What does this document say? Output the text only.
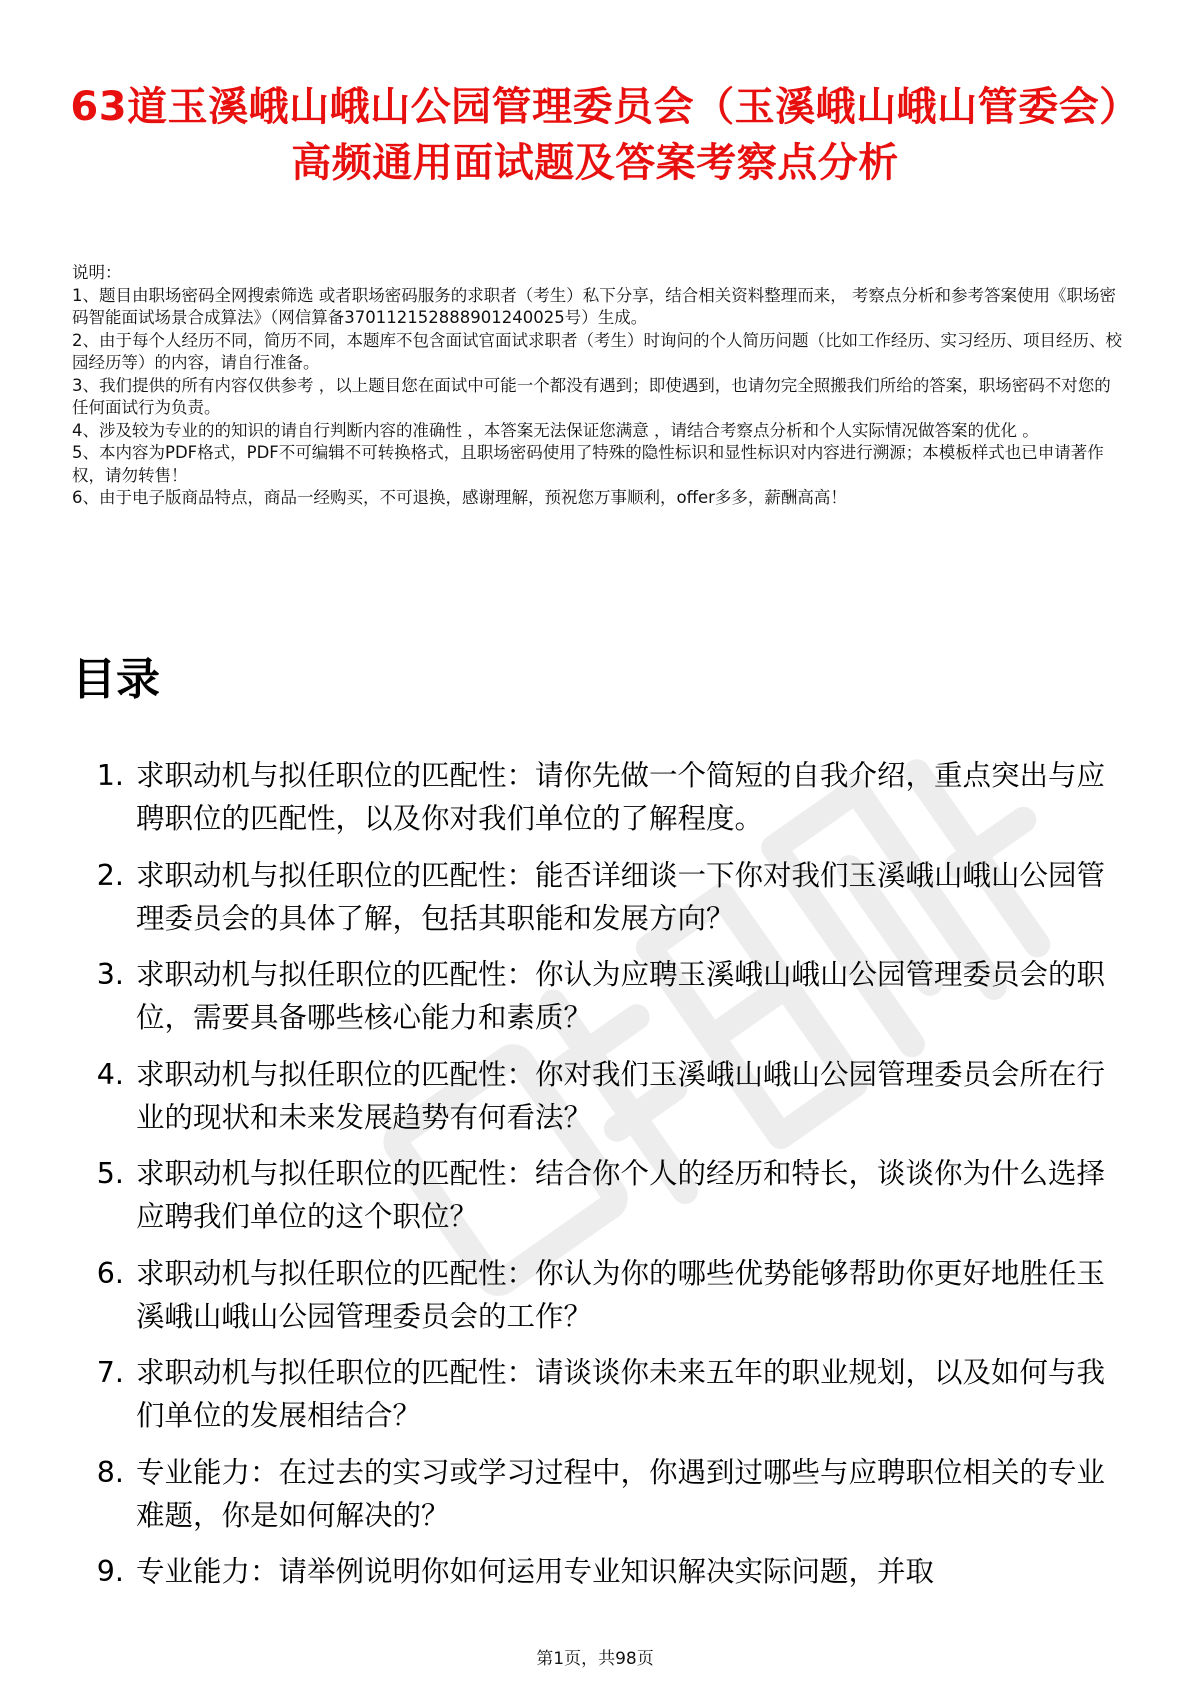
63道玉溪峨山峨山公园管理委员会（玉溪峨山峨山管委会）高频通用面试题及答案考察点分析

说明：

1、题目由职场密码全网搜索筛选 或者职场密码服务的求职者（考生）私下分享，结合相关资料整理而来， 考察点分析和参考答案使用《职场密码智能面试场景合成算法》（网信算备370112152888901240025号）生成。

2、由于每个人经历不同，简历不同，本题库不包含面试官面试求职者（考生）时询问的个人简历问题（比如工作经历、实习经历、项目经历、校园经历等）的内容，请自行准备。

3、我们提供的所有内容仅供参考 ，以上题目您在面试中可能一个都没有遇到；即使遇到，也请勿完全照搬我们所给的答案，职场密码不对您的任何面试行为负责。

4、涉及较为专业的的知识的请自行判断内容的准确性 ，本答案无法保证您满意 ，请结合考察点分析和个人实际情况做答案的优化 。

5、本内容为PDF格式，PDF不可编辑不可转换格式，且职场密码使用了特殊的隐性标识和显性标识对内容进行溯源；本模板样式也已申请著作权，请勿转售！

6、由于电子版商品特点，商品一经购买，不可退换，感谢理解，预祝您万事顺利，offer多多，薪酬高高！

目录
1. 求职动机与拟任职位的匹配性：请你先做一个简短的自我介绍，重点突出与应聘职位的匹配性，以及你对我们单位的了解程度。
2. 求职动机与拟任职位的匹配性：能否详细谈一下你对我们玉溪峨山峨山公园管理委员会的具体了解，包括其职能和发展方向？
3. 求职动机与拟任职位的匹配性：你认为应聘玉溪峨山峨山公园管理委员会的职位，需要具备哪些核心能力和素质？
4. 求职动机与拟任职位的匹配性：你对我们玉溪峨山峨山公园管理委员会所在行业的现状和未来发展趋势有何看法？
5. 求职动机与拟任职位的匹配性：结合你个人的经历和特长，谈谈你为什么选择应聘我们单位的这个职位？
6. 求职动机与拟任职位的匹配性：你认为你的哪些优势能够帮助你更好地胜任玉溪峨山峨山公园管理委员会的工作？
7. 求职动机与拟任职位的匹配性：请谈谈你未来五年的职业规划，以及如何与我们单位的发展相结合？
8. 专业能力：在过去的实习或学习过程中，你遇到过哪些与应聘职位相关的专业难题，你是如何解决的？
9. 专业能力：请举例说明你如何运用专业知识解决实际问题，并取
第1页，共98页
